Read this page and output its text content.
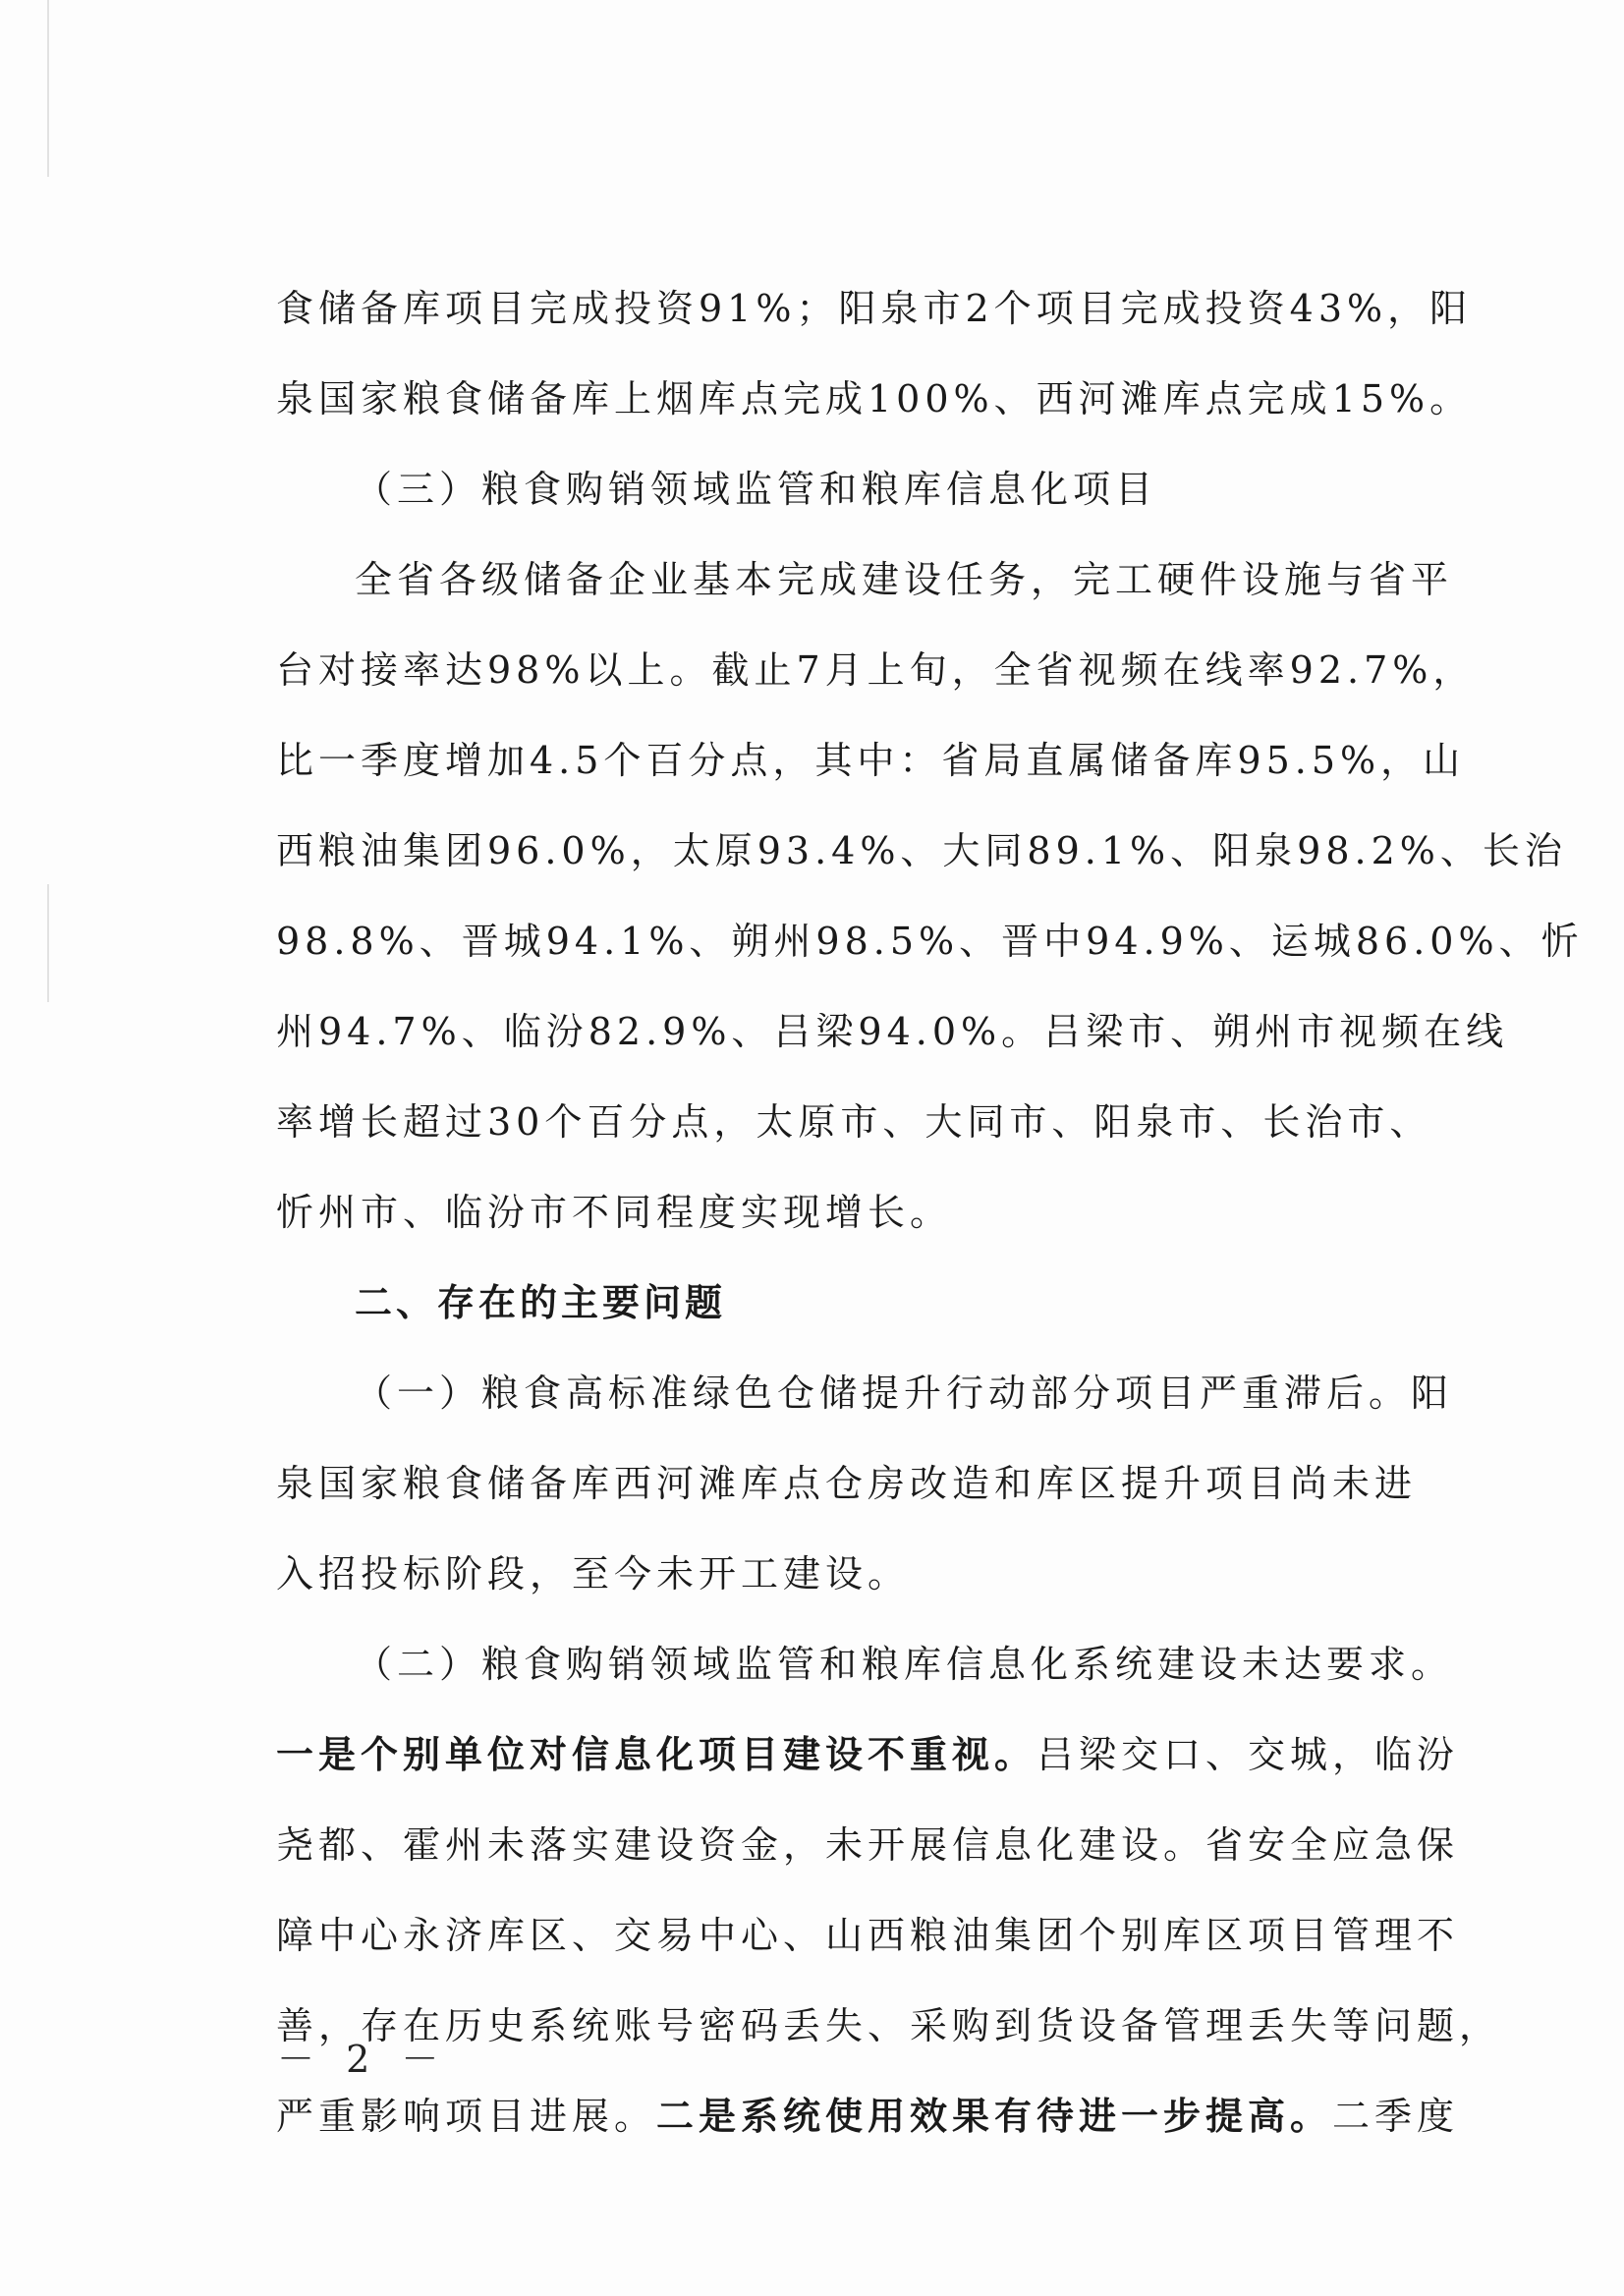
食储备库项目完成投资91%；阳泉市2个项目完成投资43%，阳
泉国家粮食储备库上烟库点完成100%、西河滩库点完成15%。
（三）粮食购销领域监管和粮库信息化项目
全省各级储备企业基本完成建设任务，完工硬件设施与省平
台对接率达98%以上。截止7月上旬，全省视频在线率92.7%，
比一季度增加4.5个百分点，其中：省局直属储备库95.5%，山
西粮油集团96.0%，太原93.4%、大同89.1%、阳泉98.2%、长治
98.8%、晋城94.1%、朔州98.5%、晋中94.9%、运城86.0%、忻
州94.7%、临汾82.9%、吕梁94.0%。吕梁市、朔州市视频在线
率增长超过30个百分点，太原市、大同市、阳泉市、长治市、
忻州市、临汾市不同程度实现增长。
二、存在的主要问题
（一）粮食高标准绿色仓储提升行动部分项目严重滞后。阳
泉国家粮食储备库西河滩库点仓房改造和库区提升项目尚未进
入招投标阶段，至今未开工建设。
（二）粮食购销领域监管和粮库信息化系统建设未达要求。
一是个别单位对信息化项目建设不重视。吕梁交口、交城，临汾
尧都、霍州未落实建设资金，未开展信息化建设。省安全应急保
障中心永济库区、交易中心、山西粮油集团个别库区项目管理不
善，存在历史系统账号密码丢失、采购到货设备管理丢失等问题，
严重影响项目进展。二是系统使用效果有待进一步提高。二季度
－ 2 －
